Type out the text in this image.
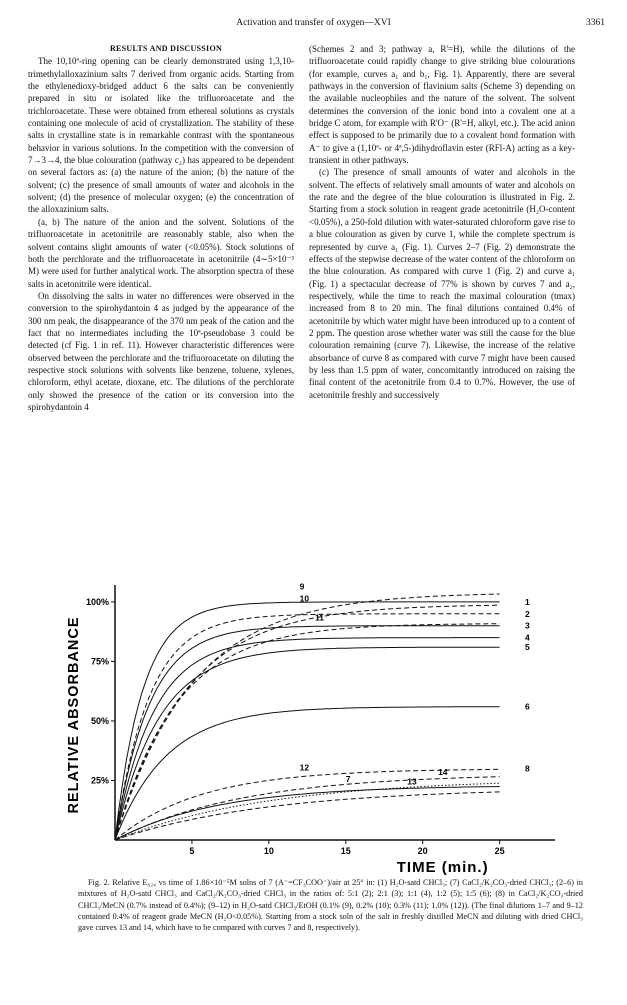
Activation and transfer of oxygen—XVI	3361

RESULTS AND DISCUSSION

The 10,10ª-ring opening can be clearly demonstrated using 1,3,10-trimethylalloxazinium salts 7 derived from organic acids. Starting from the ethylenedioxy-bridged adduct 6 the salts can be conveniently prepared in situ or isolated like the trifluoroacetate and the trichloroacetate. These were obtained from ethereal solutions as crystals containing one molecule of acid of crystallization. The stability of these salts in crystalline state is in remarkable contrast with the spontaneous behavior in various solutions. In the competition with the conversion of 7→3→4, the blue colouration (pathway c₂) has appeared to be dependent on several factors as: (a) the nature of the anion; (b) the nature of the solvent; (c) the presence of small amounts of water and alcohols in the solvent; (d) the presence of molecular oxygen; (e) the concentration of the alloxazinium salts.

(a, b) The nature of the anion and the solvent. Solutions of the trifluoroacetate in acetonitrile are reasonably stable, also when the solvent contains slight amounts of water (<0.05%). Stock solutions of both the perchlorate and the trifluoroacetate in acetonitrile (4∼5×10⁻³ M) were used for further analytical work. The absorption spectra of these salts in acetonitrile were identical.

On dissolving the salts in water no differences were observed in the conversion to the spirohydantoin 4 as judged by the appearance of the 300 nm peak, the disappearance of the 370 nm peak of the cation and the fact that no intermediates including the 10ª-pseudobase 3 could be detected (cf Fig. 1 in ref. 11). However characteristic differences were observed between the perchlorate and the trifluoroacetate on diluting the respective stock solutions with solvents like benzene, toluene, xylenes, chloroform, ethyl acetate, dioxane, etc. The dilutions of the perchlorate only showed the presence of the cation or its conversion into the spirohydantoin 4

(Schemes 2 and 3; pathway a, R'=H), while the dilutions of the trifluoroacetate could rapidly change to give striking blue colourations (for example, curves a₁ and b₁, Fig. 1). Apparently, there are several pathways in the conversion of flavinium salts (Scheme 3) depending on the available nucleophiles and the nature of the solvent. The solvent determines the conversion of the ionic bond into a covalent one at a bridge C atom, for example with R'O⁻ (R'=H, alkyl, etc.). The acid anion effect is supposed to be primarily due to a covalent bond formation with A⁻ to give a (1,10ª- or 4ª,5-)dihydroflavin ester (RFl-A) acting as a key-transient in other pathways.

(c) The presence of small amounts of water and alcohols in the solvent. The effects of relatively small amounts of water and alcohols on the rate and the degree of the blue colouration is illustrated in Fig. 2. Starting from a stock solution in reagent grade acetonitrile (H₂O-content <0.05%), a 250-fold dilution with water-saturated chloroform gave rise to a blue colouration as given by curve 1, while the complete spectrum is represented by curve a₁ (Fig. 1). Curves 2–7 (Fig. 2) demonstrate the effects of the stepwise decrease of the water content of the chloroform on the blue colouration. As compared with curve 1 (Fig. 2) and curve a₁ (Fig. 1) a spectacular decrease of 77% is shown by curves 7 and a₂, respectively, while the time to reach the maximal colouration (tmax) increased from 8 to 20 min. The final dilutions contained 0.4% of acetonitrile by which water might have been introduced up to a content of 2 ppm. The question arose whether water was still the cause for the blue colouration remaining (curve 7). Likewise, the increase of the relative absorbance of curve 8 as compared with curve 7 might have been caused by less than 1.5 ppm of water, concomitantly introduced on raising the final content of the acetonitrile from 0.4 to 0.7%. However, the use of acetonitrile freshly and successively

25%
50%
75%
100%
5	10	15	20	25
TIME (min.)
RELATIVE ABSORBANCE
1
2
3
4
5
6
7
8
9
10
11
12
13
14

Fig. 2. Relative E₆₂₄ vs time of 1.86×10⁻⁵M solns of 7 (A⁻=CF₃COO⁻)/air at 25° in: (1) H₂O-satd CHCl₃; (7) CaCl₂/K₂CO₃-dried CHCl₃; (2–6) in mixtures of H₂O-satd CHCl₃ and CaCl₂/K₂CO₃-dried CHCl₃ in the ratios of: 5:1 (2); 2:1 (3); 1:1 (4), 1:2 (5); 1:5 (6); (8) in CaCl₂/K₂CO₃-dried CHCl₃/MeCN (0.7% instead of 0.4%); (9–12) in H₂O-satd CHCl₃/EtOH (0.1% (9), 0.2% (10); 0.3% (11); 1.0% (12)). (The final dilutions 1–7 and 9–12 contained 0.4% of reagent grade MeCN (H₂O<0.05%). Starting from a stock soln of the salt in freshly distilled MeCN and diluting with dried CHCl₃ gave curves 13 and 14, which have to be compared with curves 7 and 8, respectively).
